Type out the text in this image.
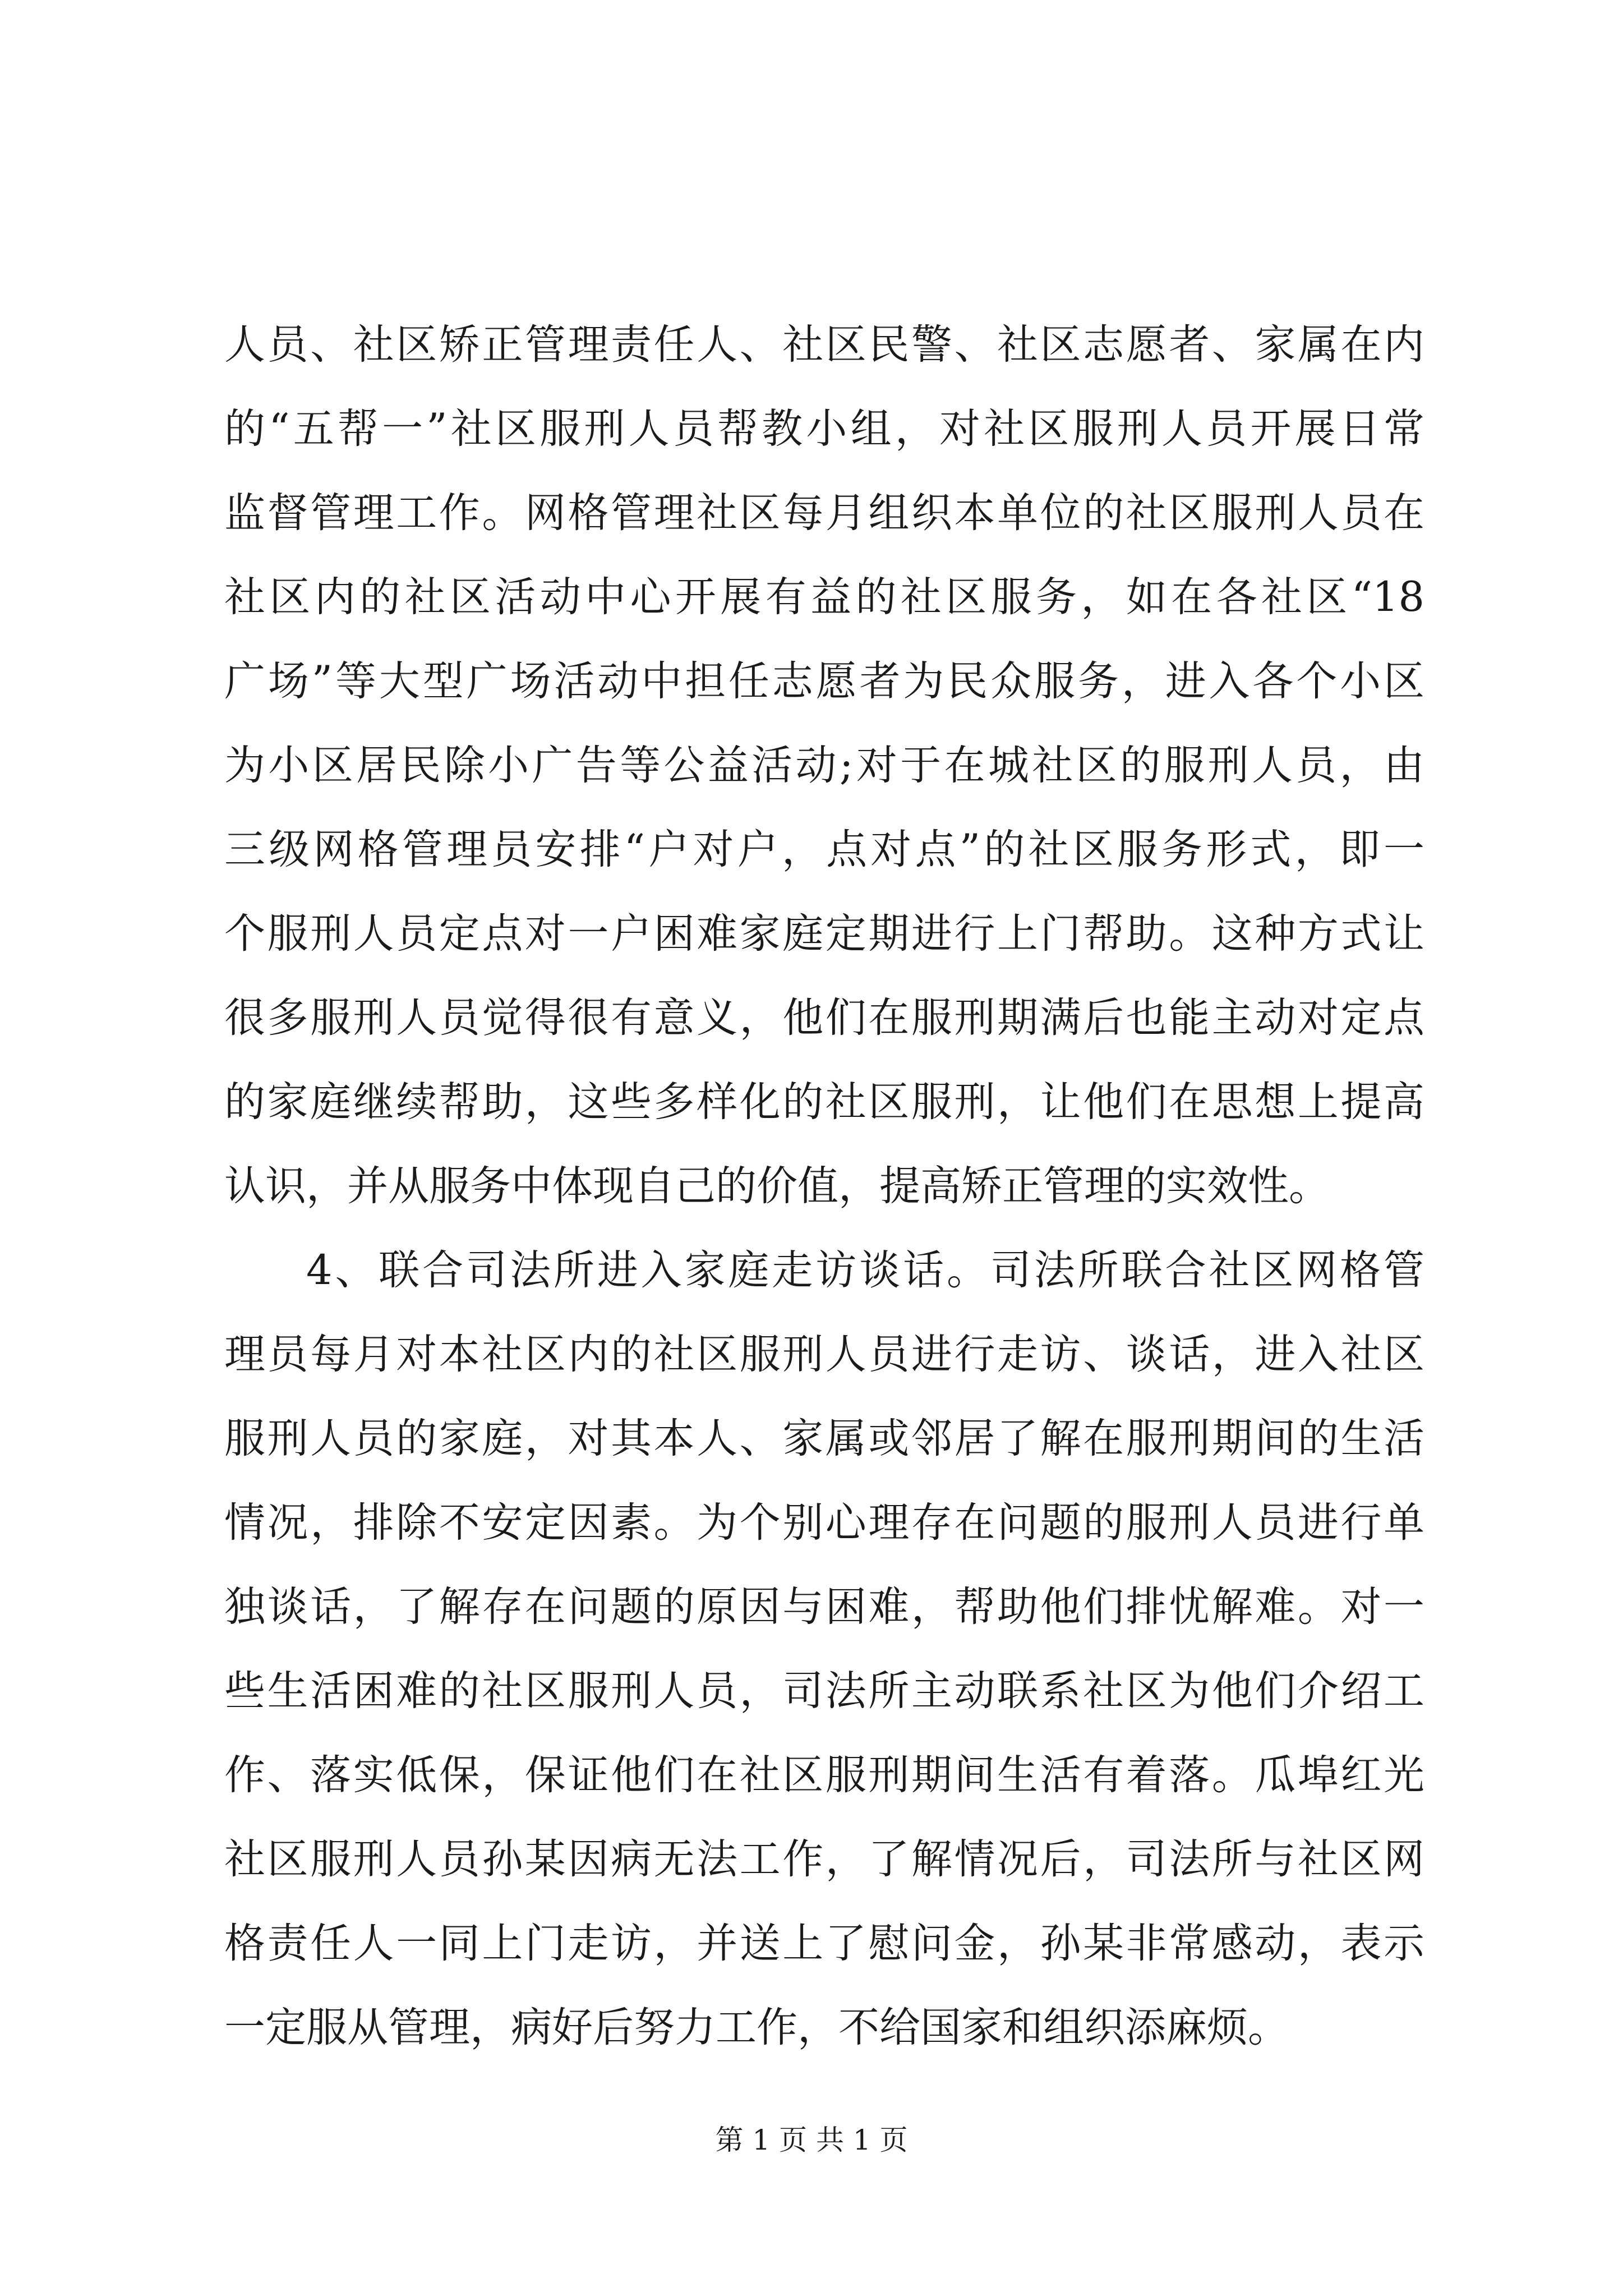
人员、社区矫正管理责任人、社区民警、社区志愿者、家属在内
的“五帮一”社区服刑人员帮教小组，对社区服刑人员开展日常
监督管理工作。网格管理社区每月组织本单位的社区服刑人员在
社区内的社区活动中心开展有益的社区服务，如在各社区“18
广场”等大型广场活动中担任志愿者为民众服务，进入各个小区
为小区居民除小广告等公益活动;对于在城社区的服刑人员，由
三级网格管理员安排“户对户，点对点”的社区服务形式，即一
个服刑人员定点对一户困难家庭定期进行上门帮助。这种方式让
很多服刑人员觉得很有意义，他们在服刑期满后也能主动对定点
的家庭继续帮助，这些多样化的社区服刑，让他们在思想上提高
认识，并从服务中体现自己的价值，提高矫正管理的实效性。
4、联合司法所进入家庭走访谈话。司法所联合社区网格管
理员每月对本社区内的社区服刑人员进行走访、谈话，进入社区
服刑人员的家庭，对其本人、家属或邻居了解在服刑期间的生活
情况，排除不安定因素。为个别心理存在问题的服刑人员进行单
独谈话，了解存在问题的原因与困难，帮助他们排忧解难。对一
些生活困难的社区服刑人员，司法所主动联系社区为他们介绍工
作、落实低保，保证他们在社区服刑期间生活有着落。瓜埠红光
社区服刑人员孙某因病无法工作，了解情况后，司法所与社区网
格责任人一同上门走访，并送上了慰问金，孙某非常感动，表示
一定服从管理，病好后努力工作，不给国家和组织添麻烦。
第 1 页 共 1 页
